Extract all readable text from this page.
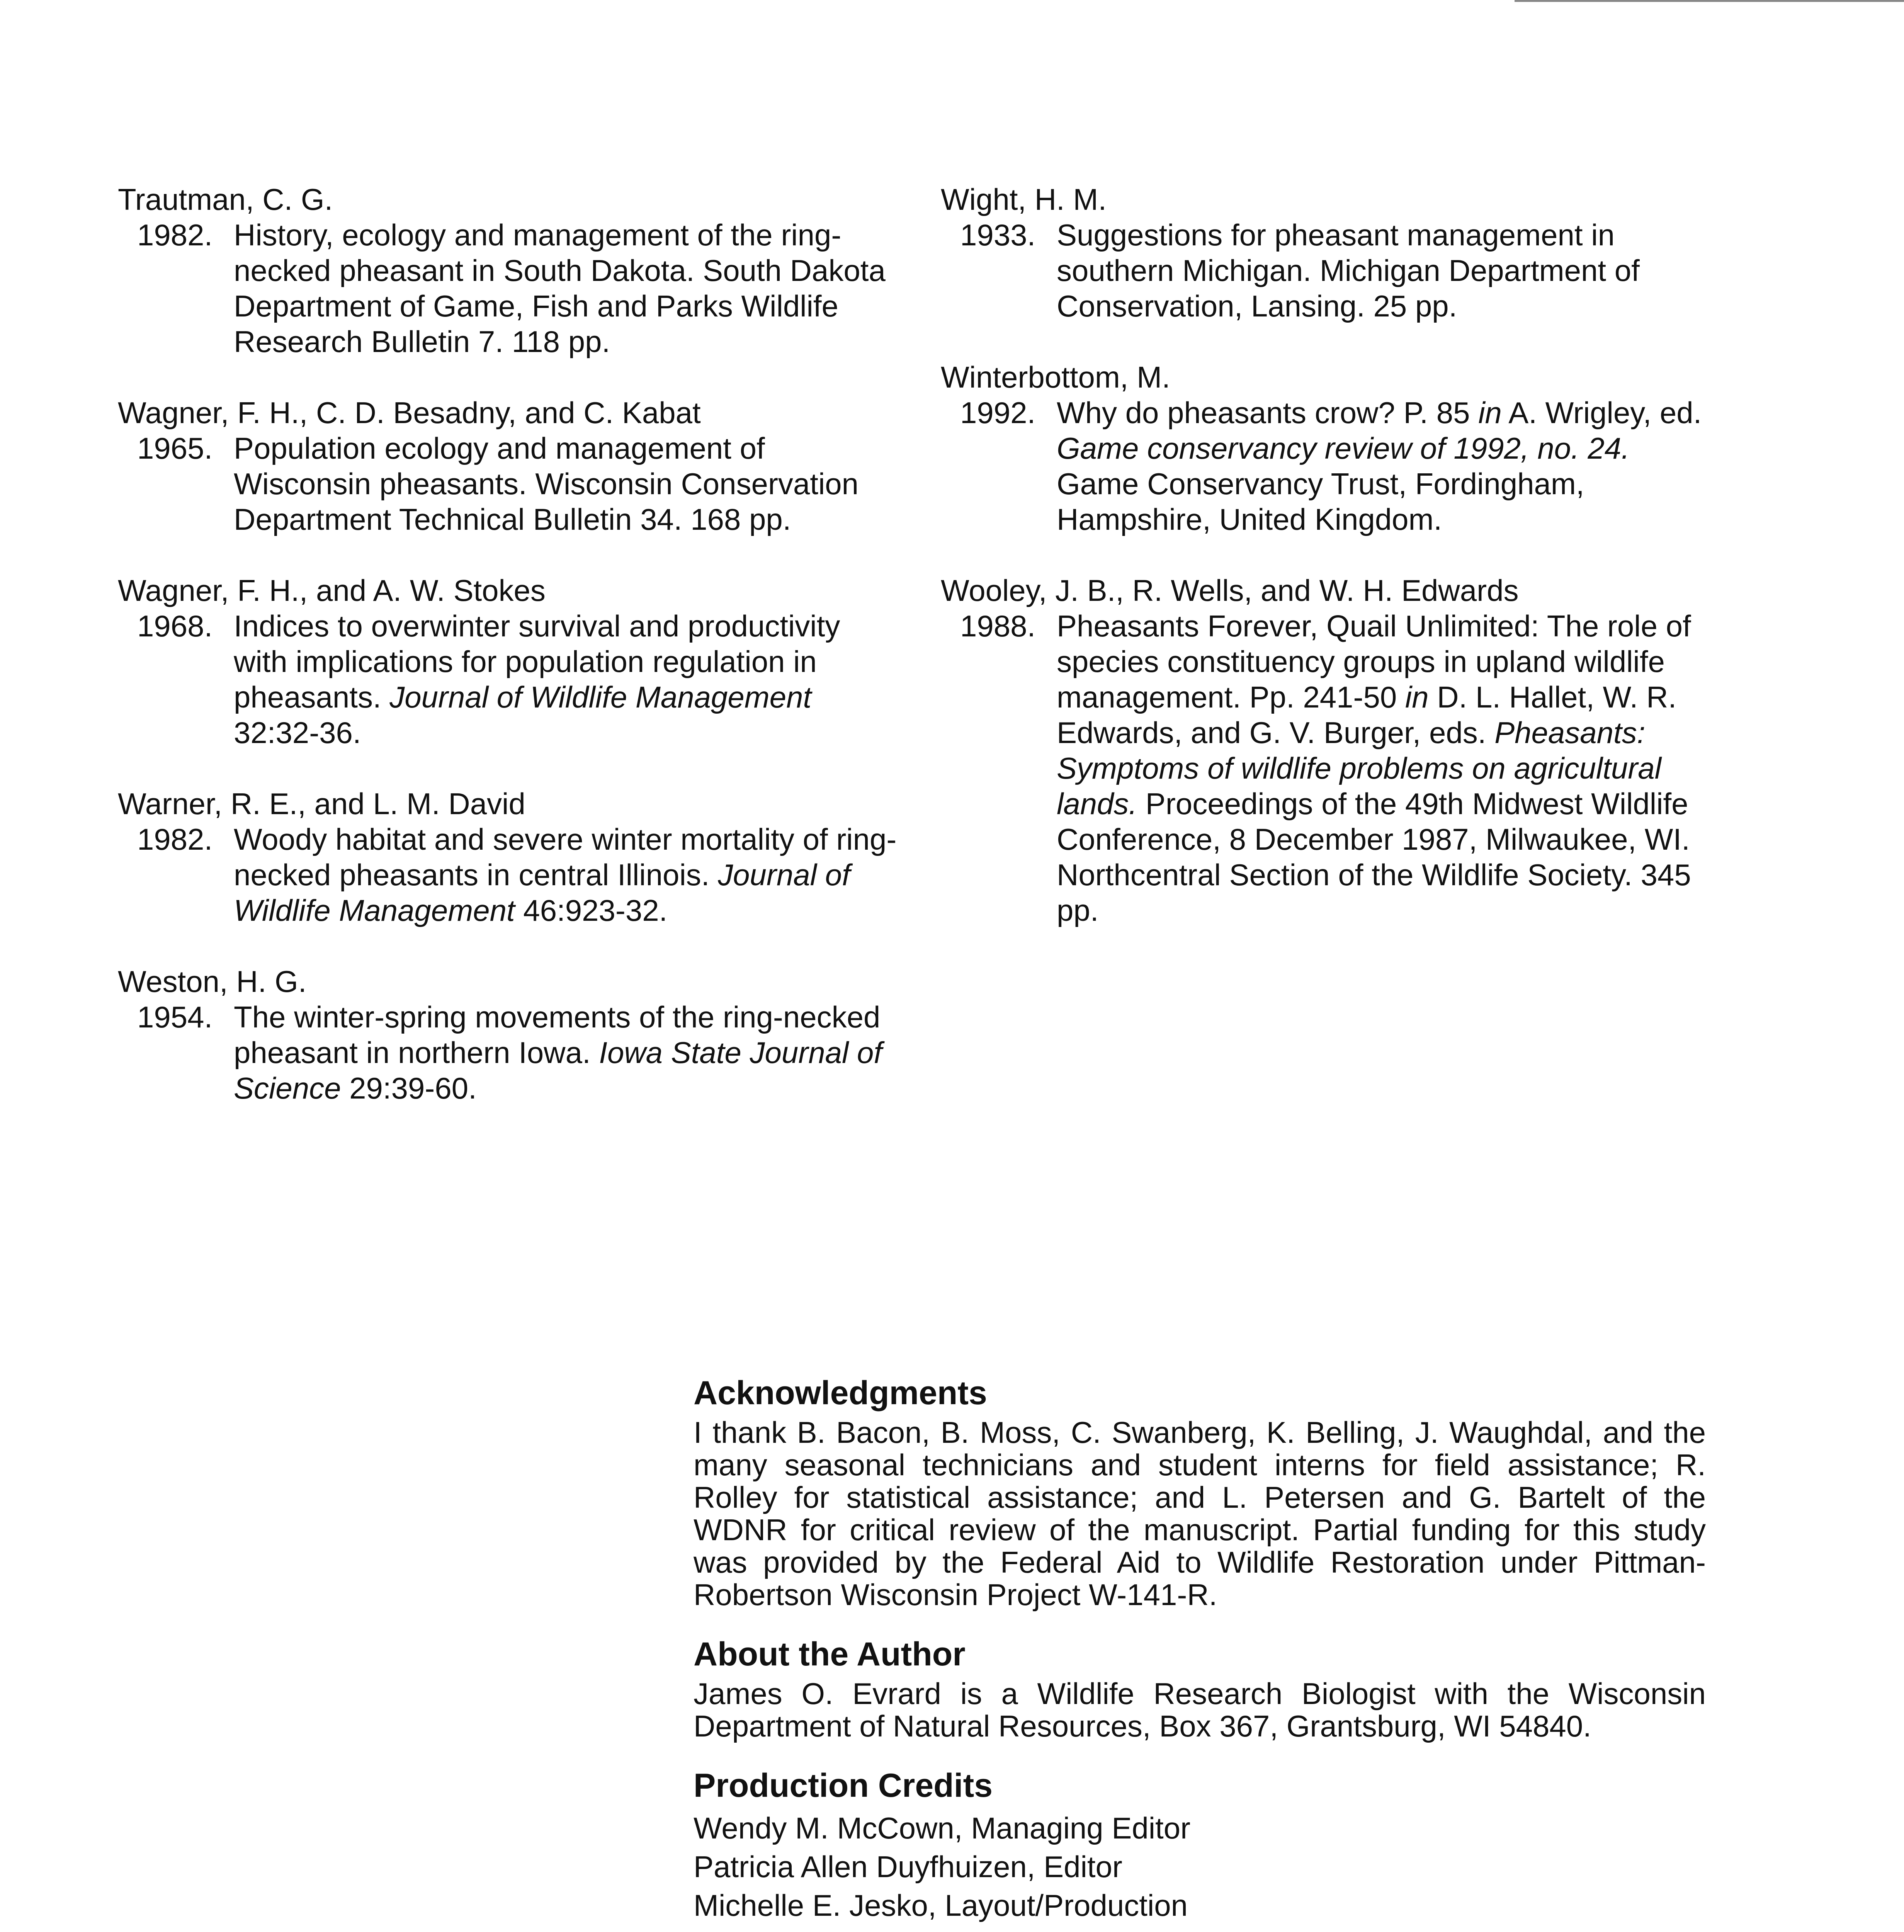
Trautman, C. G.
1982. History, ecology and management of the ring-necked pheasant in South Dakota. South Dakota Department of Game, Fish and Parks Wildlife Research Bulletin 7. 118 pp.
Wagner, F. H., C. D. Besadny, and C. Kabat
1965. Population ecology and management of Wisconsin pheasants. Wisconsin Conservation Department Technical Bulletin 34. 168 pp.
Wagner, F. H., and A. W. Stokes
1968. Indices to overwinter survival and productivity with implications for population regulation in pheasants. Journal of Wildlife Management 32:32-36.
Warner, R. E., and L. M. David
1982. Woody habitat and severe winter mortality of ring-necked pheasants in central Illinois. Journal of Wildlife Management 46:923-32.
Weston, H. G.
1954. The winter-spring movements of the ring-necked pheasant in northern Iowa. Iowa State Journal of Science 29:39-60.
Wight, H. M.
1933. Suggestions for pheasant management in southern Michigan. Michigan Department of Conservation, Lansing. 25 pp.
Winterbottom, M.
1992. Why do pheasants crow? P. 85 in A. Wrigley, ed. Game conservancy review of 1992, no. 24. Game Conservancy Trust, Fordingham, Hampshire, United Kingdom.
Wooley, J. B., R. Wells, and W. H. Edwards
1988. Pheasants Forever, Quail Unlimited: The role of species constituency groups in upland wildlife management. Pp. 241-50 in D. L. Hallet, W. R. Edwards, and G. V. Burger, eds. Pheasants: Symptoms of wildlife problems on agricultural lands. Proceedings of the 49th Midwest Wildlife Conference, 8 December 1987, Milwaukee, WI. Northcentral Section of the Wildlife Society. 345 pp.
Acknowledgments

I thank B. Bacon, B. Moss, C. Swanberg, K. Belling, J. Waughdal, and the many seasonal technicians and student interns for field assistance; R. Rolley for statistical assistance; and L. Petersen and G. Bartelt of the WDNR for critical review of the manuscript. Partial funding for this study was provided by the Federal Aid to Wildlife Restoration under Pittman-Robertson Wisconsin Project W-141-R.

About the Author

James O. Evrard is a Wildlife Research Biologist with the Wisconsin Department of Natural Resources, Box 367, Grantsburg, WI 54840.

Production Credits
Wendy M. McCown, Managing Editor
Patricia Allen Duyfhuizen, Editor
Michelle E. Jesko, Layout/Production
